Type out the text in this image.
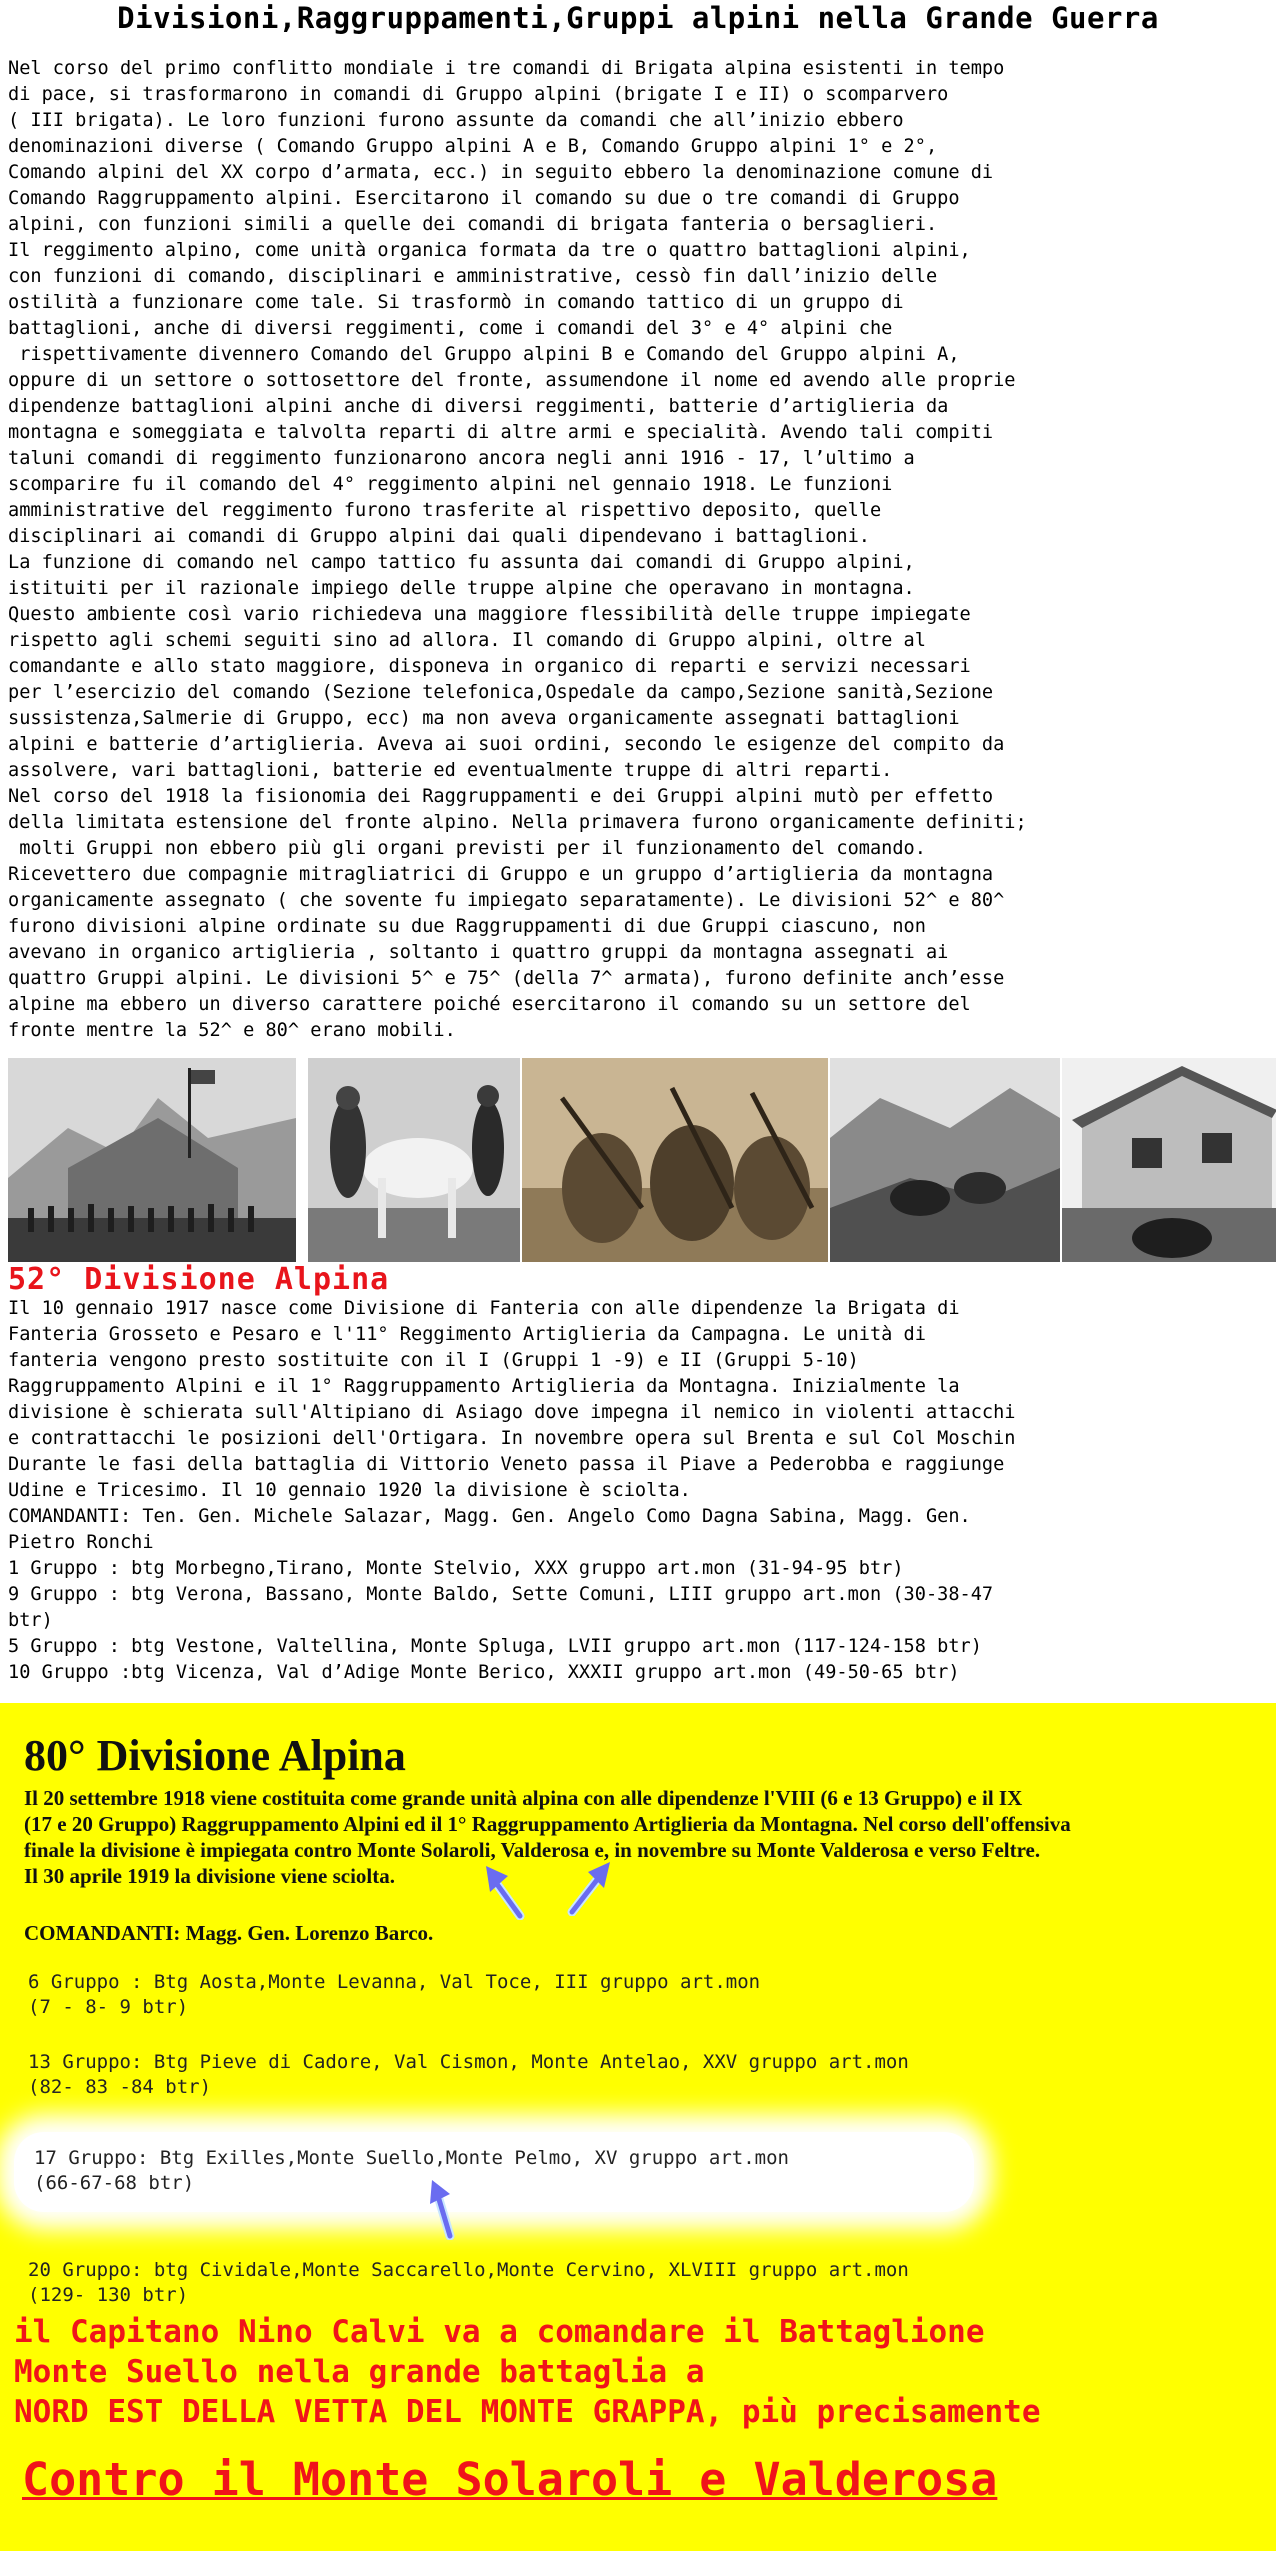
Divisioni,Raggruppamenti,Gruppi alpini nella Grande Guerra
Nel corso del primo conflitto mondiale i tre comandi di Brigata alpina esistenti in tempo
di pace, si trasformarono in comandi di Gruppo alpini (brigate I e II) o scomparvero
( III brigata). Le loro funzioni furono assunte da comandi che all’inizio ebbero
denominazioni diverse ( Comando Gruppo alpini A e B, Comando Gruppo alpini 1° e 2°,
Comando alpini del XX corpo d’armata, ecc.) in seguito ebbero la denominazione comune di
Comando Raggruppamento alpini. Esercitarono il comando su due o tre comandi di Gruppo
alpini, con funzioni simili a quelle dei comandi di brigata fanteria o bersaglieri.
Il reggimento alpino, come unità organica formata da tre o quattro battaglioni alpini,
con funzioni di comando, disciplinari e amministrative, cessò fin dall’inizio delle
ostilità a funzionare come tale. Si trasformò in comando tattico di un gruppo di
battaglioni, anche di diversi reggimenti, come i comandi del 3° e 4° alpini che
rispettivamente divennero Comando del Gruppo alpini B e Comando del Gruppo alpini A,
oppure di un settore o sottosettore del fronte, assumendone il nome ed avendo alle proprie
dipendenze battaglioni alpini anche di diversi reggimenti, batterie d’artiglieria da
montagna e someggiata e talvolta reparti di altre armi e specialità. Avendo tali compiti
taluni comandi di reggimento funzionarono ancora negli anni 1916 - 17, l’ultimo a
scomparire fu il comando del 4° reggimento alpini nel gennaio 1918. Le funzioni
amministrative del reggimento furono trasferite al rispettivo deposito, quelle
disciplinari ai comandi di Gruppo alpini dai quali dipendevano i battaglioni.
La funzione di comando nel campo tattico fu assunta dai comandi di Gruppo alpini,
istituiti per il razionale impiego delle truppe alpine che operavano in montagna.
Questo ambiente così vario richiedeva una maggiore flessibilità delle truppe impiegate
rispetto agli schemi seguiti sino ad allora. Il comando di Gruppo alpini, oltre al
comandante e allo stato maggiore, disponeva in organico di reparti e servizi necessari
per l’esercizio del comando (Sezione telefonica,Ospedale da campo,Sezione sanità,Sezione
sussistenza,Salmerie di Gruppo, ecc) ma non aveva organicamente assegnati battaglioni
alpini e batterie d’artiglieria. Aveva ai suoi ordini, secondo le esigenze del compito da
assolvere, vari battaglioni, batterie ed eventualmente truppe di altri reparti.
Nel corso del 1918 la fisionomia dei Raggruppamenti e dei Gruppi alpini mutò per effetto
della limitata estensione del fronte alpino. Nella primavera furono organicamente definiti;
molti Gruppi non ebbero più gli organi previsti per il funzionamento del comando.
Ricevettero due compagnie mitragliatrici di Gruppo e un gruppo d’artiglieria da montagna
organicamente assegnato ( che sovente fu impiegato separatamente). Le divisioni 52^ e 80^
furono divisioni alpine ordinate su due Raggruppamenti di due Gruppi ciascuno, non
avevano in organico artiglieria , soltanto i quattro gruppi da montagna assegnati ai
quattro Gruppi alpini. Le divisioni 5^ e 75^ (della 7^ armata), furono definite anch’esse
alpine ma ebbero un diverso carattere poiché esercitarono il comando su un settore del
fronte mentre la 52^ e 80^ erano mobili.
52° Divisione Alpina
Il 10 gennaio 1917 nasce come Divisione di Fanteria con alle dipendenze la Brigata di
Fanteria Grosseto e Pesaro e l'11° Reggimento Artiglieria da Campagna. Le unità di
fanteria vengono presto sostituite con il I (Gruppi 1 -9) e II (Gruppi 5-10)
Raggruppamento Alpini e il 1° Raggruppamento Artiglieria da Montagna. Inizialmente la
divisione è schierata sull'Altipiano di Asiago dove impegna il nemico in violenti attacchi
e contrattacchi le posizioni dell'Ortigara. In novembre opera sul Brenta e sul Col Moschin
Durante le fasi della battaglia di Vittorio Veneto passa il Piave a Pederobba e raggiunge
Udine e Tricesimo. Il 10 gennaio 1920 la divisione è sciolta.
COMANDANTI: Ten. Gen. Michele Salazar, Magg. Gen. Angelo Como Dagna Sabina, Magg. Gen.
Pietro Ronchi
1 Gruppo : btg Morbegno,Tirano, Monte Stelvio, XXX gruppo art.mon (31-94-95 btr)
9 Gruppo : btg Verona, Bassano, Monte Baldo, Sette Comuni, LIII gruppo art.mon (30-38-47
btr)
5 Gruppo : btg Vestone, Valtellina, Monte Spluga, LVII gruppo art.mon (117-124-158 btr)
10 Gruppo :btg Vicenza, Val d’Adige Monte Berico, XXXII gruppo art.mon (49-50-65 btr)
80° Divisione Alpina
Il 20 settembre 1918 viene costituita come grande unità alpina con alle dipendenze l'VIII (6 e 13 Gruppo) e il IX
(17 e 20 Gruppo) Raggruppamento Alpini ed il 1° Raggruppamento Artiglieria da Montagna. Nel corso dell'offensiva
finale la divisione è impiegata contro Monte Solaroli, Valderosa e, in novembre su Monte Valderosa e verso Feltre.
Il 30 aprile 1919 la divisione viene sciolta.
COMANDANTI: Magg. Gen. Lorenzo Barco.
6 Gruppo : Btg Aosta,Monte Levanna, Val Toce, III gruppo art.mon
(7 - 8- 9 btr)
13 Gruppo: Btg Pieve di Cadore, Val Cismon, Monte Antelao, XXV gruppo art.mon
(82- 83 -84 btr)
17 Gruppo: Btg Exilles,Monte Suello,Monte Pelmo, XV gruppo art.mon
(66-67-68 btr)
20 Gruppo: btg Cividale,Monte Saccarello,Monte Cervino, XLVIII gruppo art.mon
(129- 130 btr)
il Capitano Nino Calvi va a comandare il Battaglione
Monte Suello nella grande battaglia a
NORD EST DELLA VETTA DEL MONTE GRAPPA, più precisamente
Contro il Monte Solaroli e Valderosa
